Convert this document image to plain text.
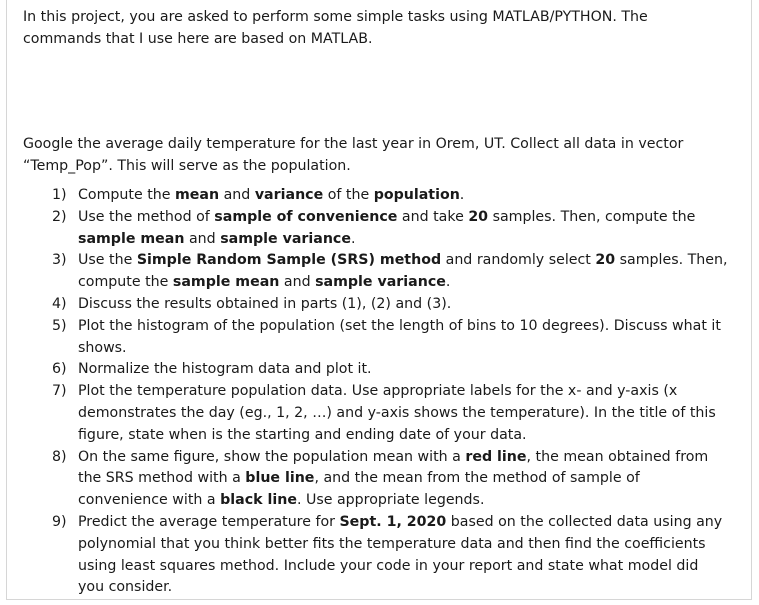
In this project, you are asked to perform some simple tasks using MATLAB/PYTHON. The commands that I use here are based on MATLAB.

Google the average daily temperature for the last year in Orem, UT. Collect all data in vector “Temp_Pop”. This will serve as the population.

1) Compute the mean and variance of the population.
2) Use the method of sample of convenience and take 20 samples. Then, compute the sample mean and sample variance.
3) Use the Simple Random Sample (SRS) method and randomly select 20 samples. Then, compute the sample mean and sample variance.
4) Discuss the results obtained in parts (1), (2) and (3).
5) Plot the histogram of the population (set the length of bins to 10 degrees). Discuss what it shows.
6) Normalize the histogram data and plot it.
7) Plot the temperature population data. Use appropriate labels for the x- and y-axis (x demonstrates the day (eg., 1, 2, …) and y-axis shows the temperature). In the title of this figure, state when is the starting and ending date of your data.
8) On the same figure, show the population mean with a red line, the mean obtained from the SRS method with a blue line, and the mean from the method of sample of convenience with a black line. Use appropriate legends.
9) Predict the average temperature for Sept. 1, 2020 based on the collected data using any polynomial that you think better fits the temperature data and then find the coefficients using least squares method. Include your code in your report and state what model did you consider.
